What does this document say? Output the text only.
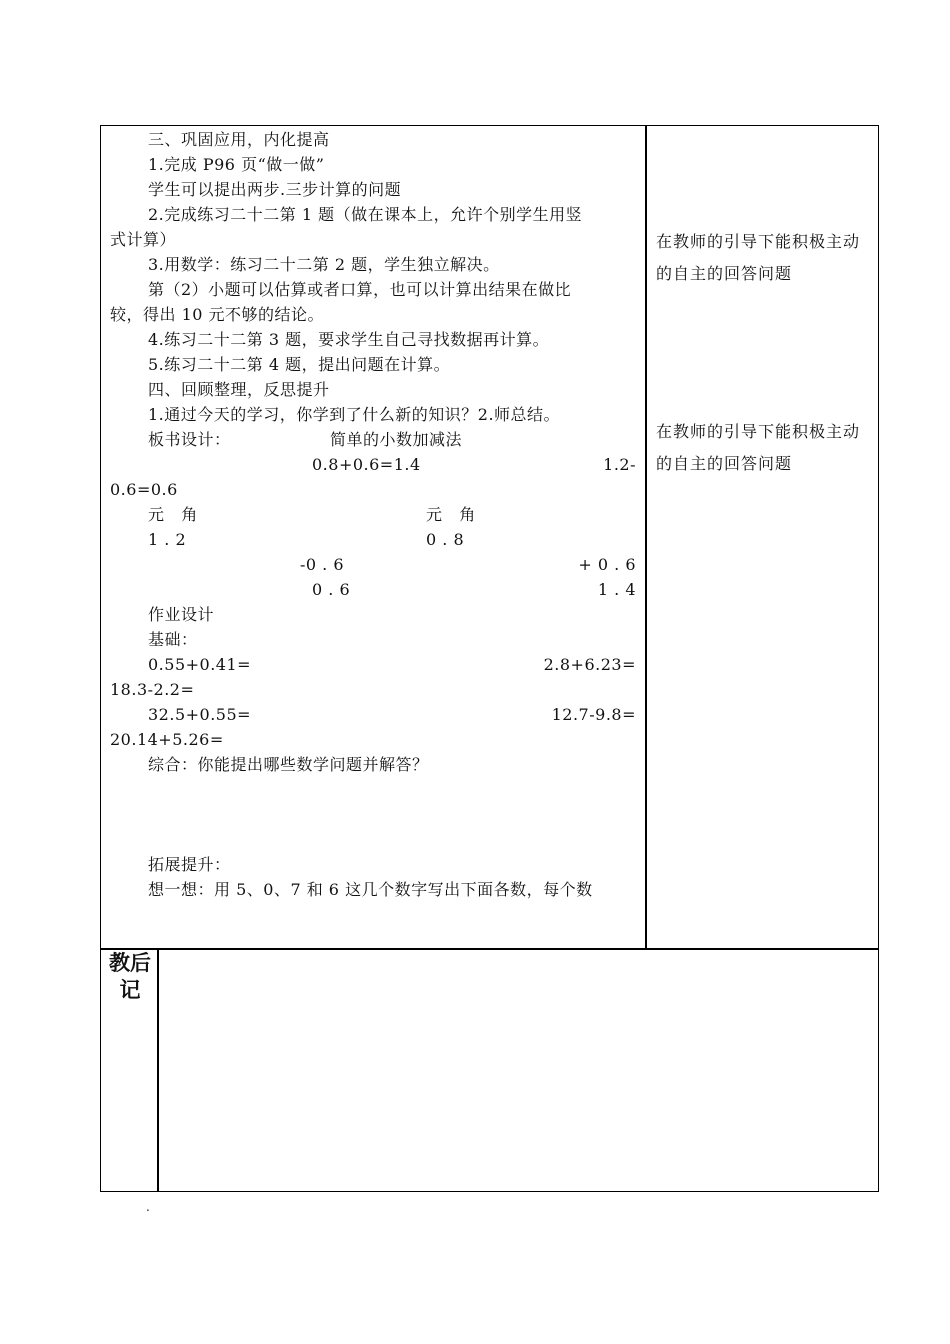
三、巩固应用，内化提高
1.完成 P96 页“做一做”
学生可以提出两步.三步计算的问题
2.完成练习二十二第 1 题（做在课本上，允许个别学生用竖
式计算）
3.用数学：练习二十二第 2 题，学生独立解决。
第（2）小题可以估算或者口算，也可以计算出结果在做比
较，得出 10 元不够的结论。
4.练习二十二第 3 题，要求学生自己寻找数据再计算。
5.练习二十二第 4 题，提出问题在计算。
四、回顾整理，反思提升
1.通过今天的学习，你学到了什么新的知识？2.师总结。
板书设计：	简单的小数加减法
0.8+0.6=1.4	1.2-
0.6=0.6
元   角	元   角
1 . 2	0 . 8
-0 . 6	+ 0 . 6
0 . 6	1 . 4
作业设计
基础：
0.55+0.41=	2.8+6.23=
18.3-2.2=
32.5+0.55=	12.7-9.8=
20.14+5.26=
综合：你能提出哪些数学问题并解答？
拓展提升：
想一想：用 5、0、7 和 6 这几个数字写出下面各数，每个数
在教师的引导下能积极主动的自主的回答问题
在教师的引导下能积极主动的自主的回答问题
教后记
.
